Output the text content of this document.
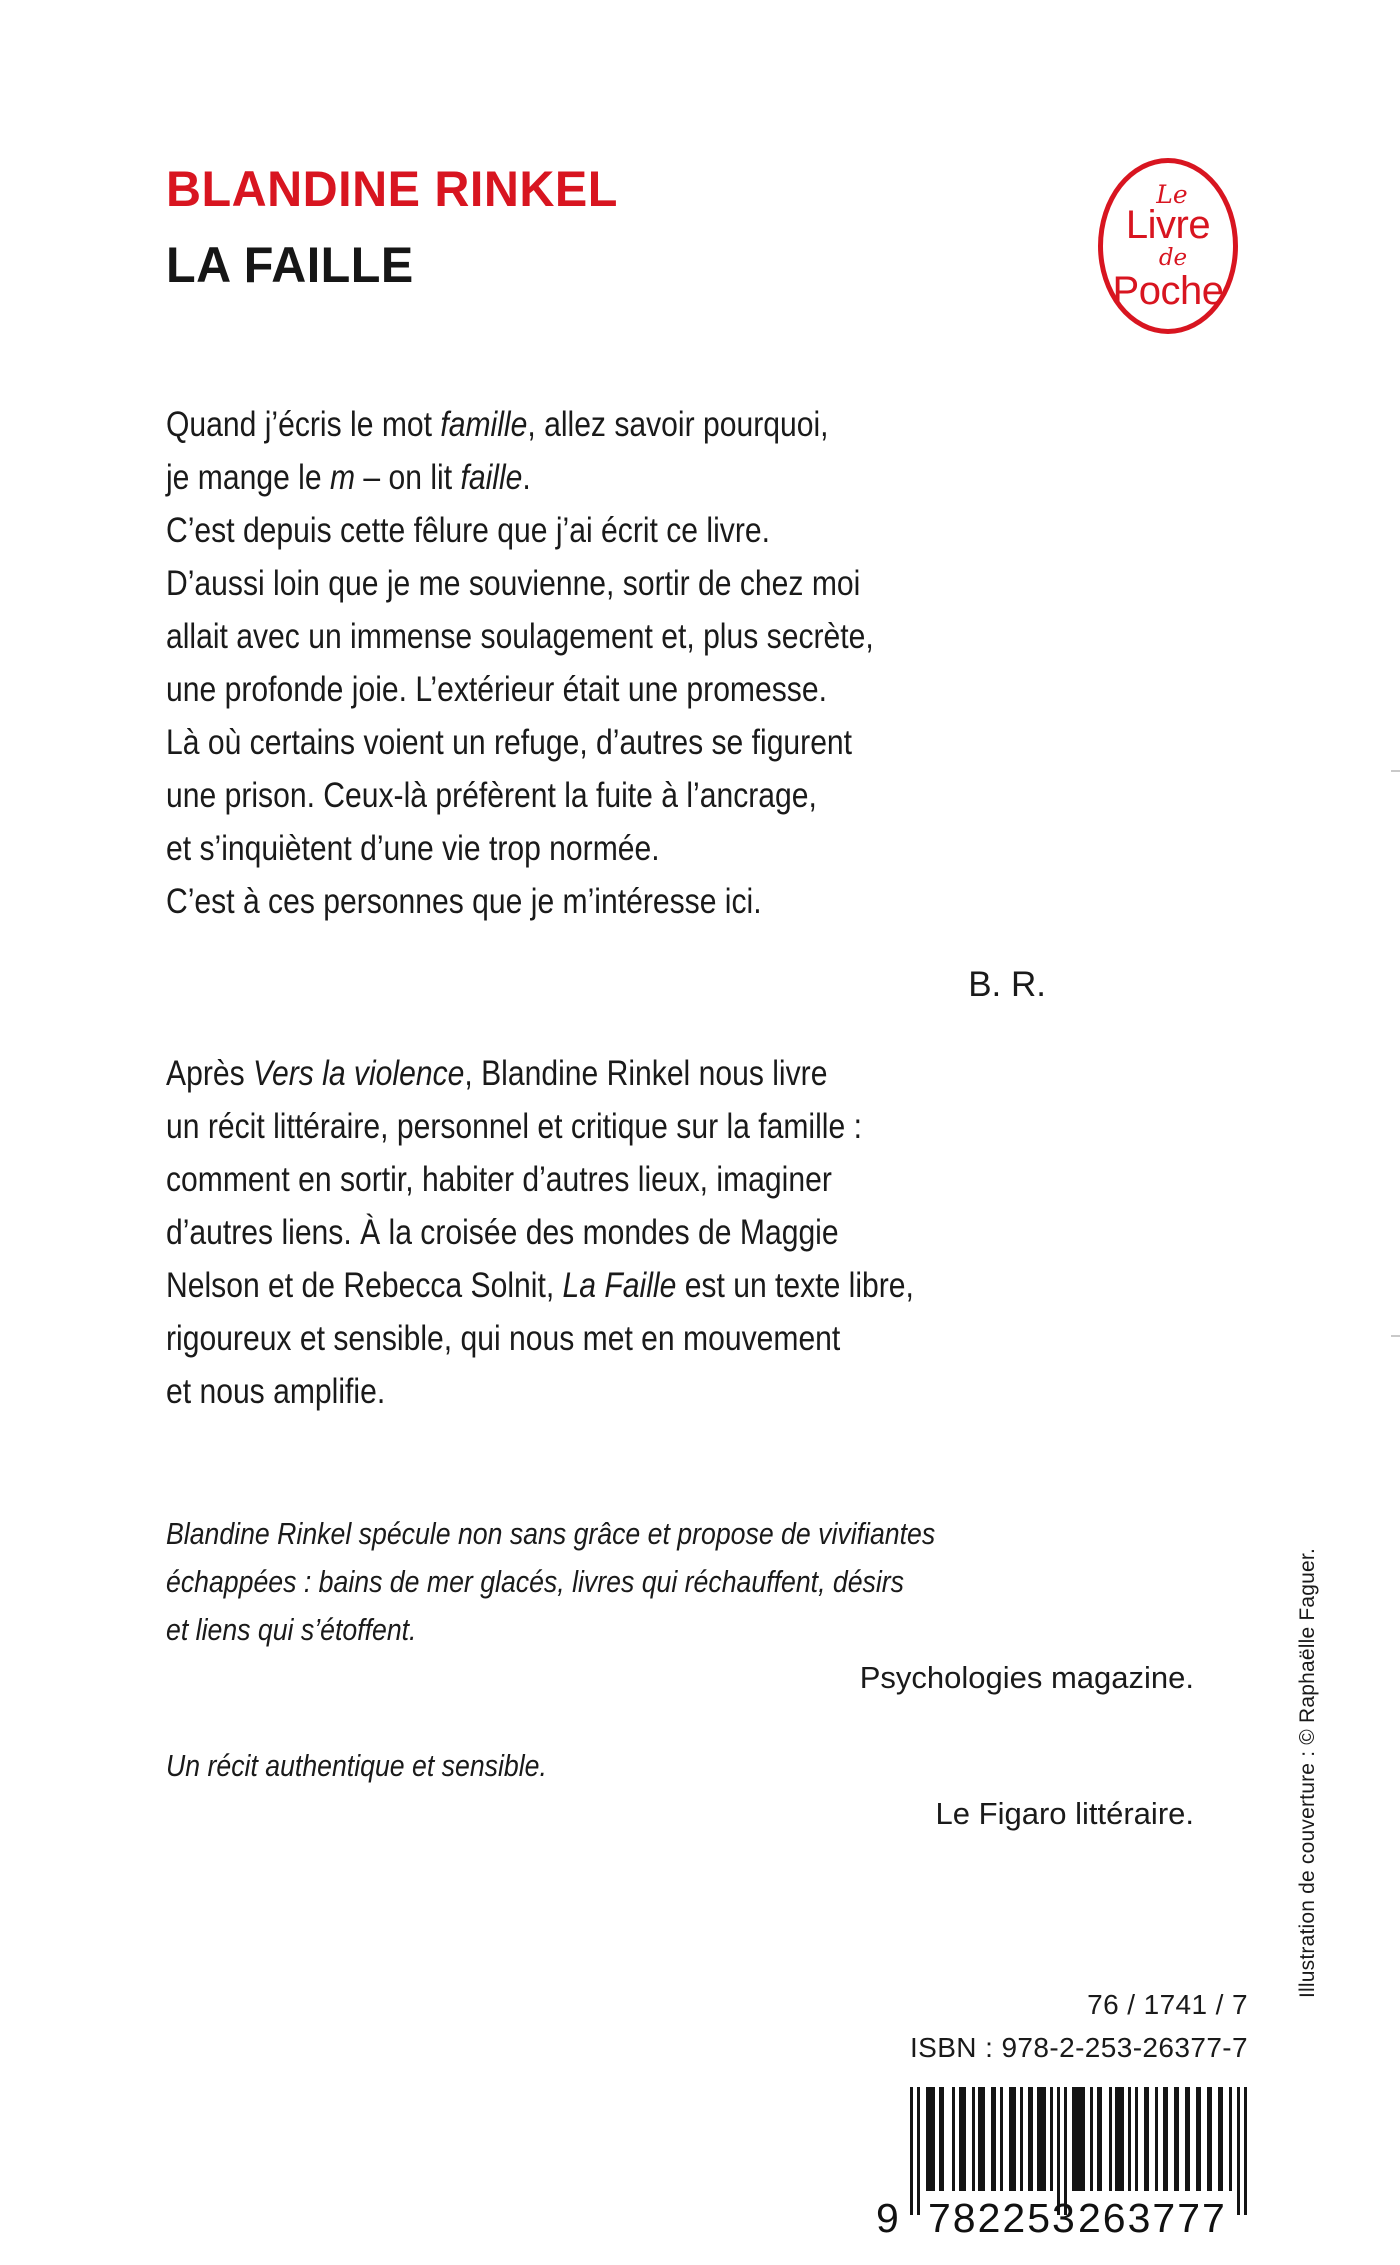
BLANDINE RINKEL
LA FAILLE
Le
Livre
de
Poche

Quand j’écris le mot famille, allez savoir pourquoi,

je mange le m – on lit faille.

C’est depuis cette fêlure que j’ai écrit ce livre.

D’aussi loin que je me souvienne, sortir de chez moi

allait avec un immense soulagement et, plus secrète,

une profonde joie. L’extérieur était une promesse.

Là où certains voient un refuge, d’autres se figurent

une prison. Ceux-là préfèrent la fuite à l’ancrage,

et s’inquiètent d’une vie trop normée.

C’est à ces personnes que je m’intéresse ici.

B. R.

Après Vers la violence, Blandine Rinkel nous livre

un récit littéraire, personnel et critique sur la famille :

comment en sortir, habiter d’autres lieux, imaginer

d’autres liens. À la croisée des mondes de Maggie

Nelson et de Rebecca Solnit, La Faille est un texte libre,

rigoureux et sensible, qui nous met en mouvement

et nous amplifie.

Blandine Rinkel spécule non sans grâce et propose de vivifiantes

échappées : bains de mer glacés, livres qui réchauffent, désirs

et liens qui s’étoffent.

Psychologies magazine.

Un récit authentique et sensible.

Le Figaro littéraire.

76 / 1741 / 7
ISBN : 978-2-253-26377-7
9 782253 263777
Illustration de couverture : © Raphaëlle Faguer.
